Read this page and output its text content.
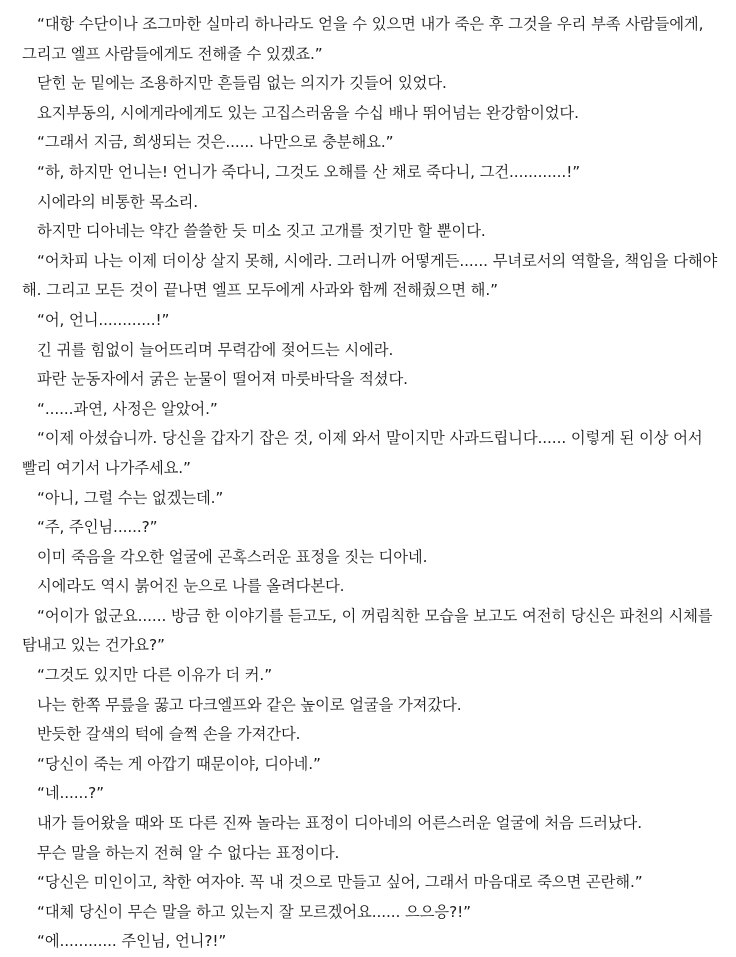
“대항 수단이나 조그마한 실마리 하나라도 얻을 수 있으면 내가 죽은 후 그것을 우리 부족 사람들에게, 그리고 엘프 사람들에게도 전해줄 수 있겠죠.”

닫힌 눈 밑에는 조용하지만 흔들림 없는 의지가 깃들어 있었다.

요지부동의, 시에게라에게도 있는 고집스러움을 수십 배나 뛰어넘는 완강함이었다.

“그래서 지금, 희생되는 것은...... 나만으로 충분해요.”

“하, 하지만 언니는! 언니가 죽다니, 그것도 오해를 산 채로 죽다니, 그건............!”

시에라의 비통한 목소리.

하지만 디아네는 약간 쓸쓸한 듯 미소 짓고 고개를 젓기만 할 뿐이다.

“어차피 나는 이제 더이상 살지 못해, 시에라. 그러니까 어떻게든...... 무녀로서의 역할을, 책임을 다해야 해. 그리고 모든 것이 끝나면 엘프 모두에게 사과와 함께 전해줬으면 해.”

“어, 언니............!”

긴 귀를 힘없이 늘어뜨리며 무력감에 젖어드는 시에라.

파란 눈동자에서 굵은 눈물이 떨어져 마룻바닥을 적셨다.

“......과연, 사정은 알았어.”

“이제 아셨습니까. 당신을 갑자기 잡은 것, 이제 와서 말이지만 사과드립니다...... 이렇게 된 이상 어서 빨리 여기서 나가주세요.”

“아니, 그럴 수는 없겠는데.”

“주, 주인님......?”

이미 죽음을 각오한 얼굴에 곤혹스러운 표정을 짓는 디아네.

시에라도 역시 붉어진 눈으로 나를 올려다본다.

“어이가 없군요...... 방금 한 이야기를 듣고도, 이 꺼림칙한 모습을 보고도 여전히 당신은 파천의 시체를 탐내고 있는 건가요?”

“그것도 있지만 다른 이유가 더 커.”

나는 한쪽 무릎을 꿇고 다크엘프와 같은 높이로 얼굴을 가져갔다.

반듯한 갈색의 턱에 슬쩍 손을 가져간다.

“당신이 죽는 게 아깝기 때문이야, 디아네.”

“네......?”

내가 들어왔을 때와 또 다른 진짜 놀라는 표정이 디아네의 어른스러운 얼굴에 처음 드러났다.

무슨 말을 하는지 전혀 알 수 없다는 표정이다.

“당신은 미인이고, 착한 여자야. 꼭 내 것으로 만들고 싶어, 그래서 마음대로 죽으면 곤란해.”

“대체 당신이 무슨 말을 하고 있는지 잘 모르겠어요...... 으으응?!”

“에............ 주인님, 언니?!”
